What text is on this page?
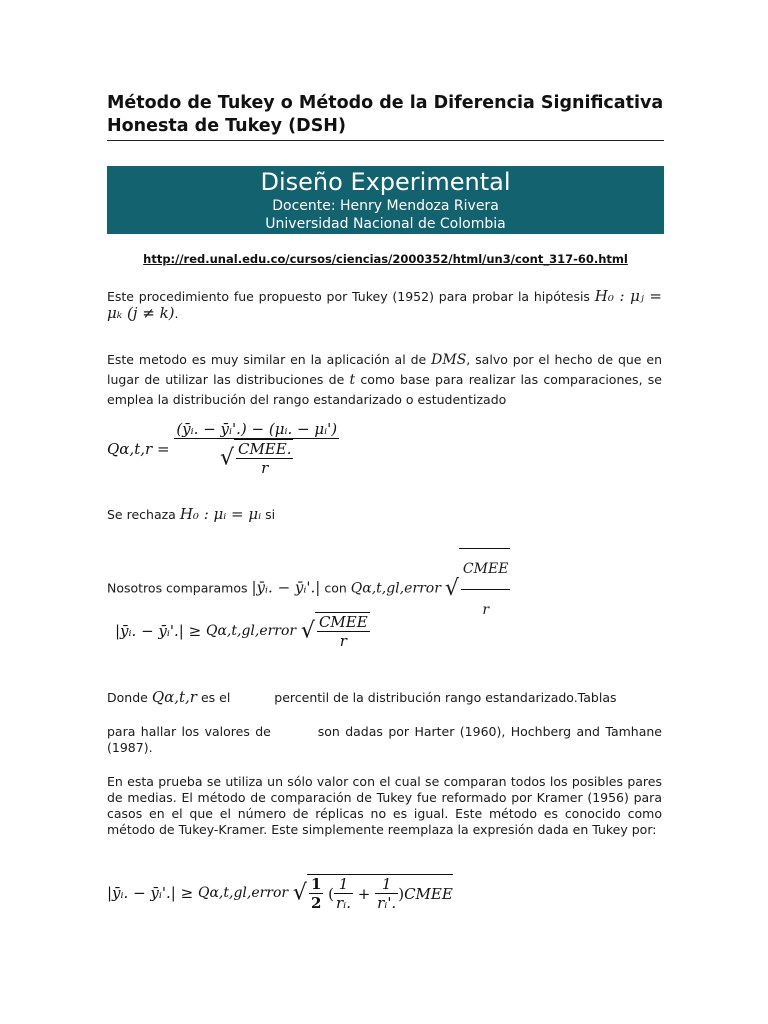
Método de Tukey o Método de la Diferencia Significativa Honesta de Tukey (DSH)
Diseño Experimental
Docente: Henry Mendoza Rivera
Universidad Nacional de Colombia
http://red.unal.edu.co/cursos/ciencias/2000352/html/un3/cont_317-60.html
Este procedimiento fue propuesto por Tukey (1952) para probar la hipótesis H₀ : μⱼ = μₖ (j ≠ k).
Este metodo es muy similar en la aplicación al de DMS, salvo por el hecho de que en lugar de utilizar las distribuciones de t como base para realizar las comparaciones, se emplea la distribución del rango estandarizado o estudentizado
$Q\alpha,t,r = \frac{\text{(ȳᵢ. − ȳᵢ'.) − (μᵢ. − μᵢ')}}{√ \frac{\text{CMEE.}}{r}}$
Se rechaza H₀ : μᵢ = μᵢ si
Nosotros comparamos |ȳᵢ. − ȳᵢ'.| con Qα,t,gl,error √ $\frac{\text{CMEE}}{r}$
|ȳᵢ. − ȳᵢ'.| ≥ Qα,t,gl,error √ $\frac{\text{CMEE}}{r}$
Donde Qα,t,r es el	percentil de la distribución rango estandarizado.Tablas
para hallar los valores de	son dadas por Harter (1960), Hochberg and Tamhane (1987).
En esta prueba se utiliza un sólo valor con el cual se comparan todos los posibles pares de medias. El método de comparación de Tukey fue reformado por Kramer (1956) para casos en el que el número de réplicas no es igual. Este método es conocido como método de Tukey-Kramer. Este simplemente reemplaza la expresión dada en Tukey por:
|ȳᵢ. − ȳᵢ'.| ≥ Qα,t,gl,error √ $\frac{1}{2}$ ( $\frac{1}{\text{rᵢ.}} + \frac{1}{\text{rᵢ'.}}$ )CMEE
